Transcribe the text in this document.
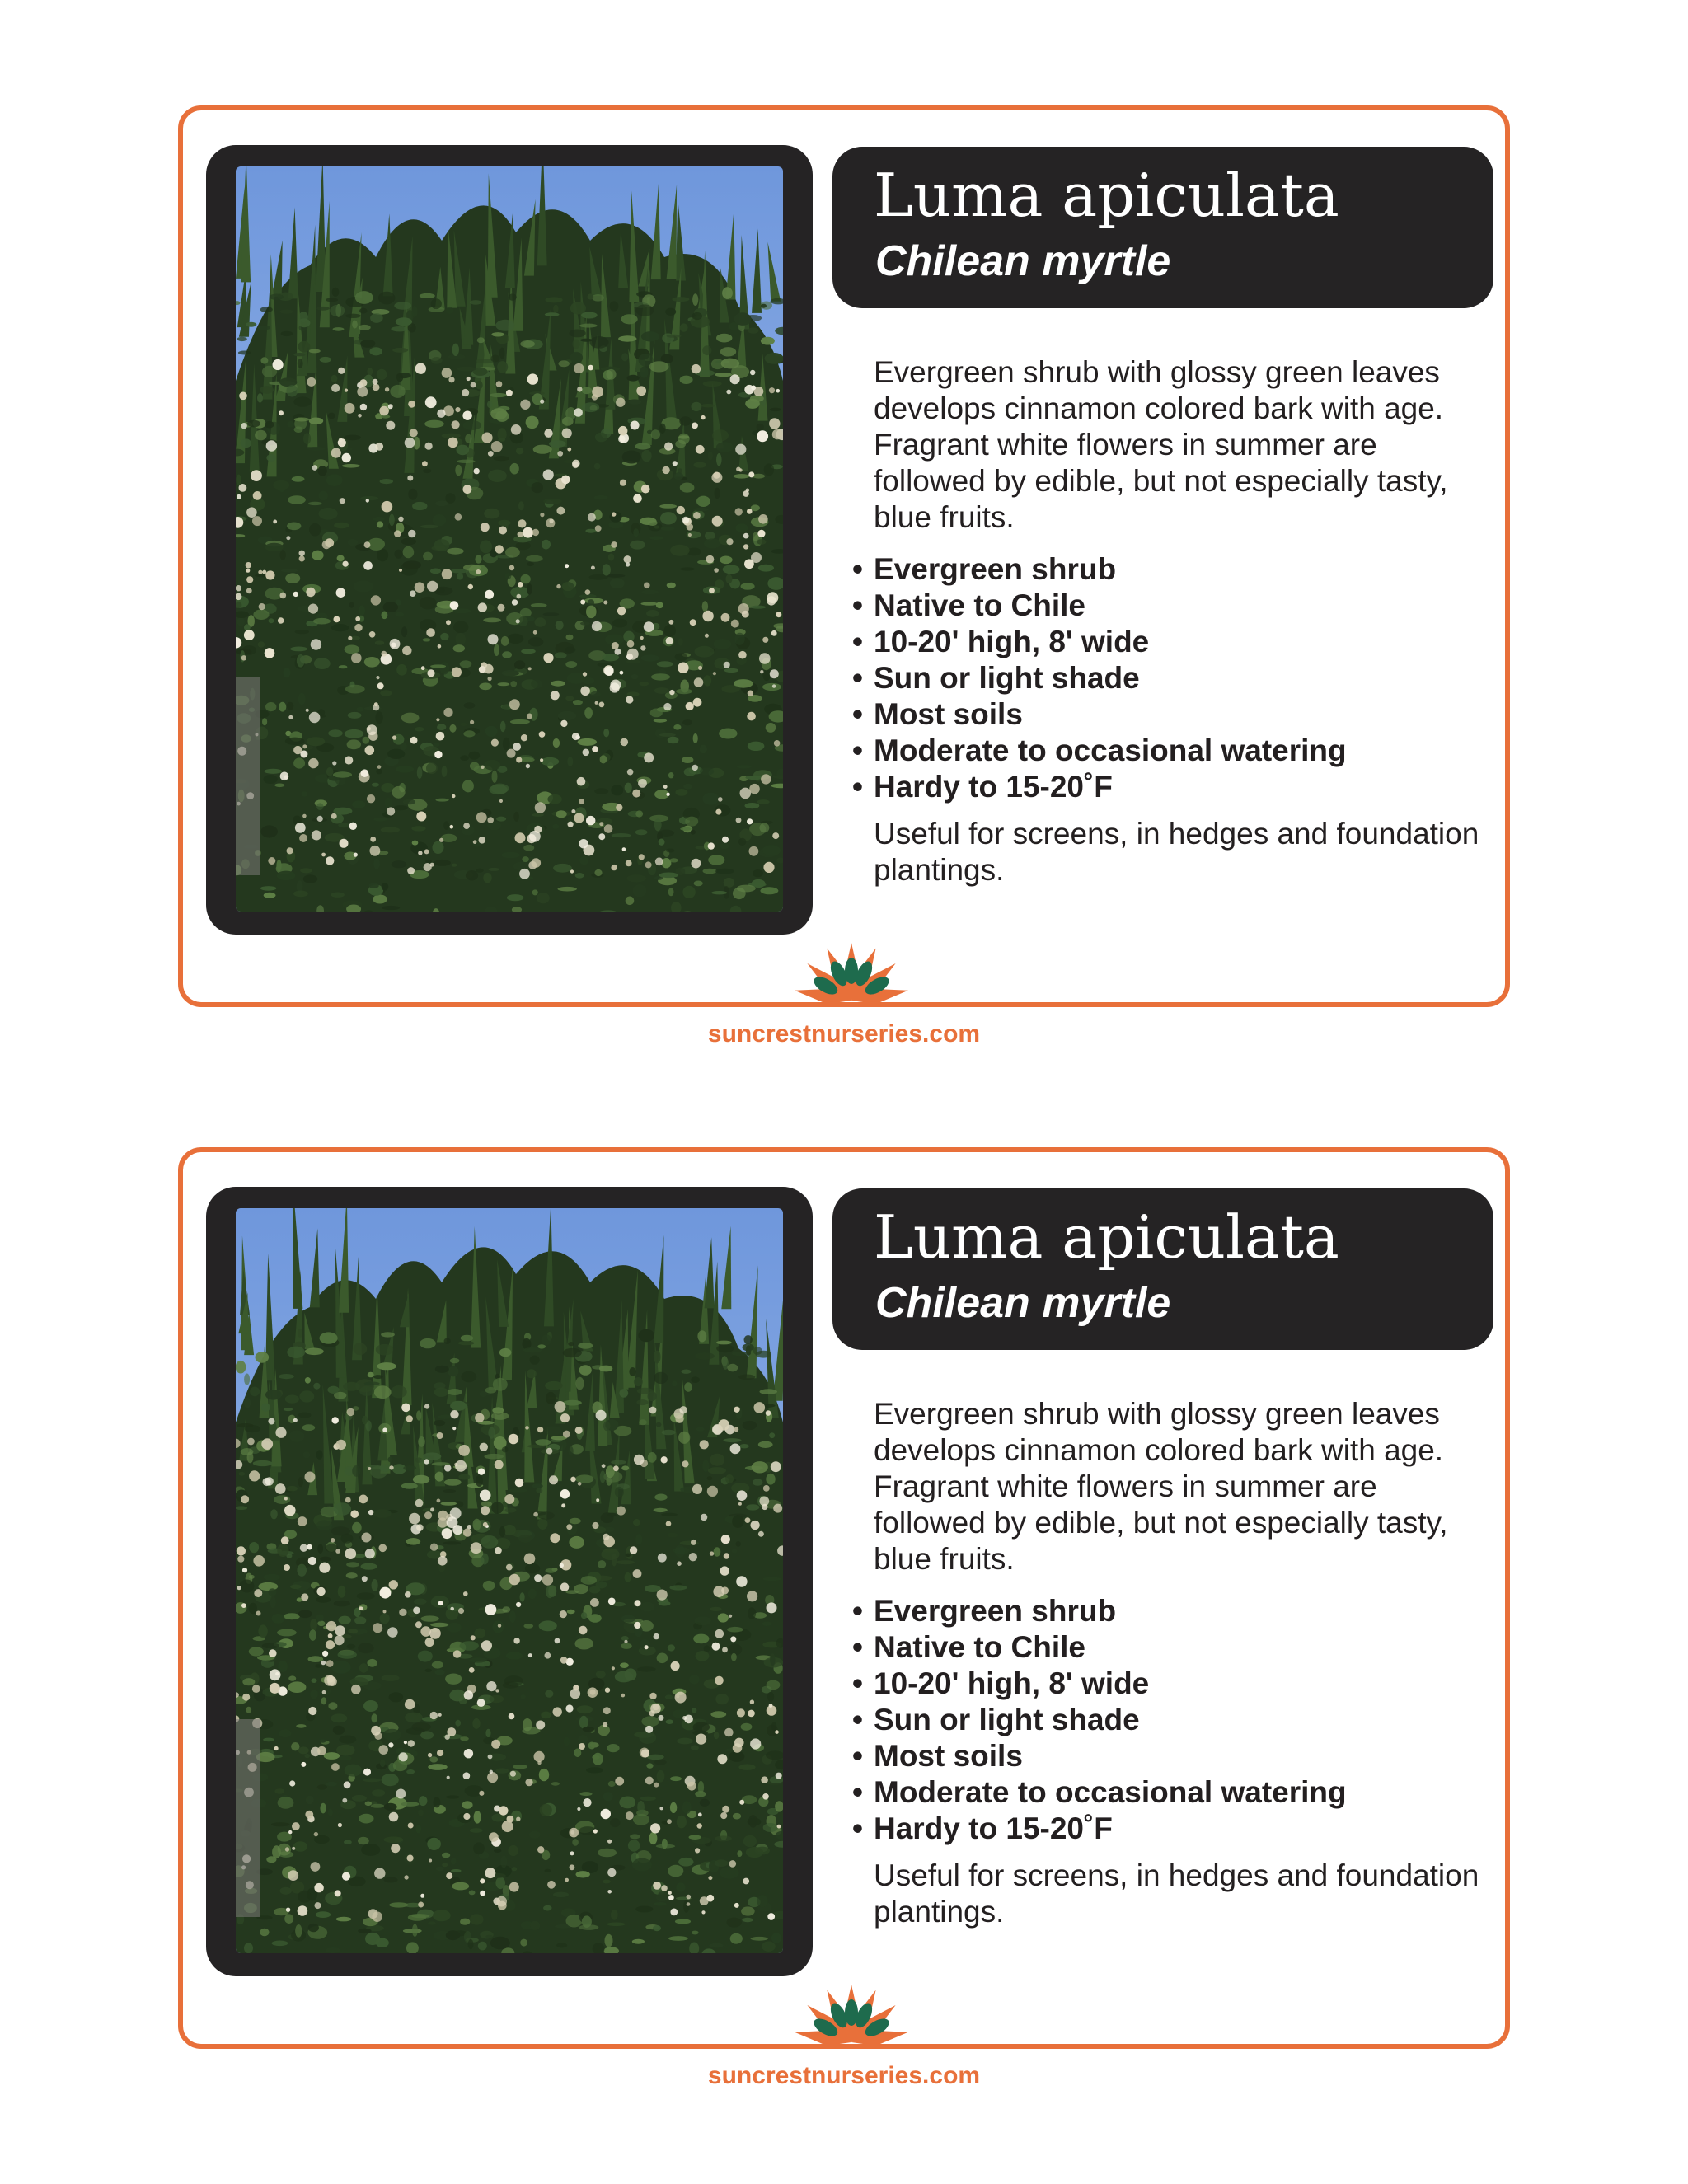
Luma apiculata
Chilean myrtle
Evergreen shrub with glossy green leaves develops cinnamon colored bark with age. Fragrant white flowers in summer are followed by edible, but not especially tasty, blue fruits.
• Evergreen shrub
• Native to Chile
• 10-20' high, 8' wide
• Sun or light shade
• Most soils
• Moderate to occasional watering
• Hardy to 15-20˚F
Useful for screens, in hedges and foundation plantings.
suncrestnurseries.com
Luma apiculata
Chilean myrtle
Evergreen shrub with glossy green leaves develops cinnamon colored bark with age. Fragrant white flowers in summer are followed by edible, but not especially tasty, blue fruits.
• Evergreen shrub
• Native to Chile
• 10-20' high, 8' wide
• Sun or light shade
• Most soils
• Moderate to occasional watering
• Hardy to 15-20˚F
Useful for screens, in hedges and foundation plantings.
suncrestnurseries.com
